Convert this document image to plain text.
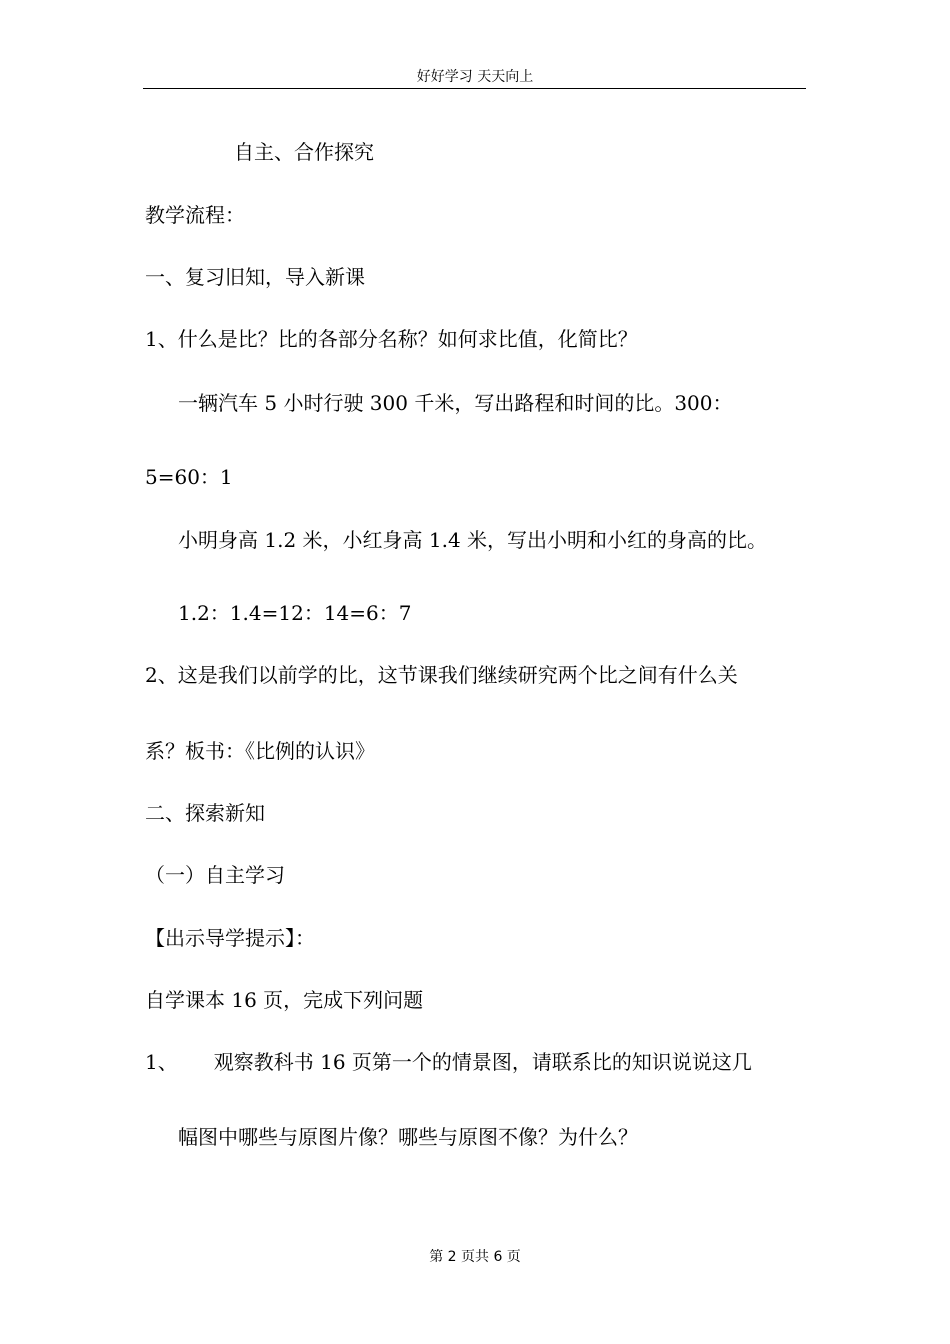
好好学习 天天向上
自主、合作探究
教学流程：
一、复习旧知，导入新课
1、什么是比？比的各部分名称？如何求比值，化简比？
一辆汽车 5 小时行驶 300 千米，写出路程和时间的比。300：
5=60：1
小明身高 1.2 米，小红身高 1.4 米，写出小明和小红的身高的比。
1.2：1.4=12：14=6：7
2、这是我们以前学的比，这节课我们继续研究两个比之间有什么关
系？板书：《比例的认识》
二、探索新知
（一）自主学习
【出示导学提示】：
自学课本 16 页，完成下列问题
1、 观察教科书 16 页第一个的情景图，请联系比的知识说说这几
幅图中哪些与原图片像？哪些与原图不像？为什么？
第 2 页共 6 页
